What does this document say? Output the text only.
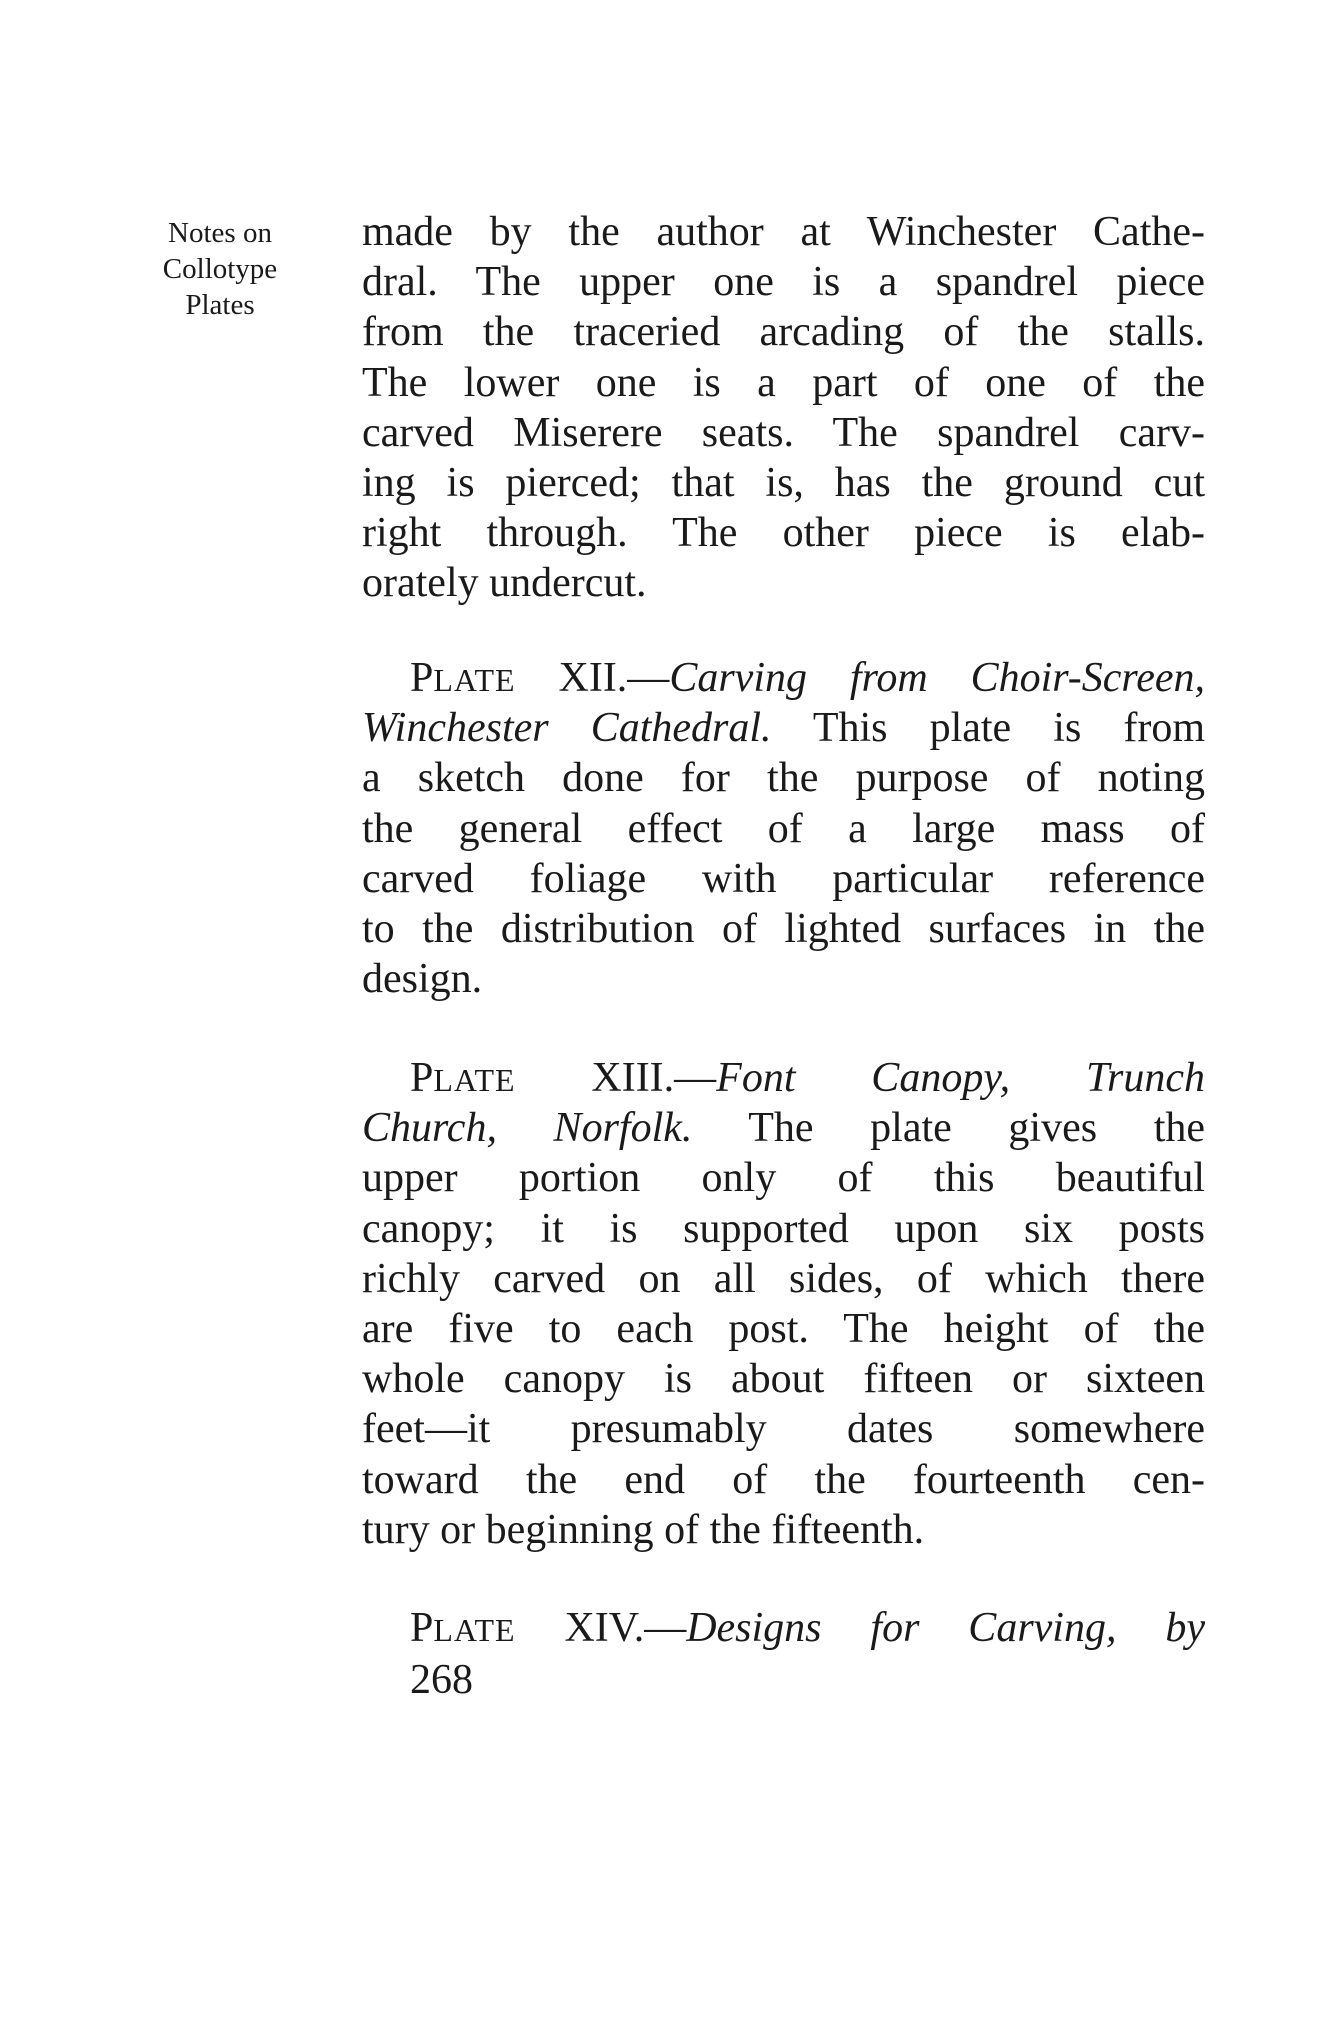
Notes on
Collotype
Plates
made by the author at Winchester Cathe-
dral. The upper one is a spandrel piece
from the traceried arcading of the stalls.
The lower one is a part of one of the
carved Miserere seats. The spandrel carv-
ing is pierced; that is, has the ground cut
right through. The other piece is elab-
orately undercut.
PLATE XII.—Carving from Choir-Screen,
Winchester Cathedral. This plate is from
a sketch done for the purpose of noting
the general effect of a large mass of
carved foliage with particular reference
to the distribution of lighted surfaces in the
design.
PLATE XIII.—Font Canopy, Trunch
Church, Norfolk. The plate gives the
upper portion only of this beautiful
canopy; it is supported upon six posts
richly carved on all sides, of which there
are five to each post. The height of the
whole canopy is about fifteen or sixteen
feet—it presumably dates somewhere
toward the end of the fourteenth cen-
tury or beginning of the fifteenth.
PLATE XIV.—Designs for Carving, by
268
